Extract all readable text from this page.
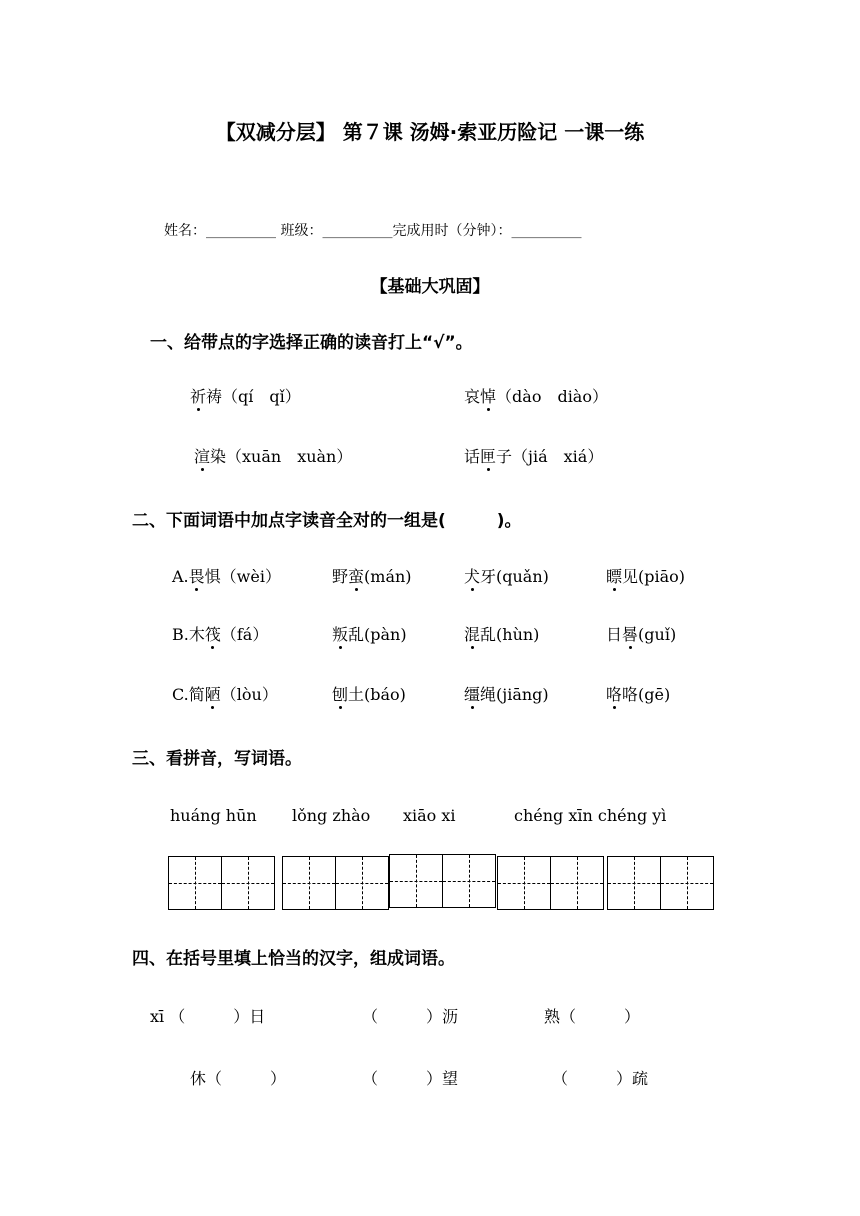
【双减分层】 第７课 汤姆·索亚历险记 一课一练
姓名：__________ 班级：__________完成用时（分钟）：__________
【基础大巩固】
一、给带点的字选择正确的读音打上“√”。
祈祷（qí　qǐ）	哀悼（dào　diào）
渲染（xuān　xuàn）	话匣子（jiá　xiá）
二、下面词语中加点字读音全对的一组是(　　　)。
A.畏惧（wèi）	野蛮(mán)	犬牙(quǎn)	瞟见(piāo)
B.木筏（fá）	叛乱(pàn)	混乱(hùn)	日晷(guǐ)
C.简陋（lòu）	刨土(báo)	缰绳(jiāng)	咯咯(gē)
三、看拼音，写词语。
huáng hūn lǒng zhào xiāo xi	chéng xīn chéng yì
四、在括号里填上恰当的汉字，组成词语。
xī （　　　）日	（　　　）沥	熟（　　　）
休（　　　）	（　　　）望	（　　　）疏
